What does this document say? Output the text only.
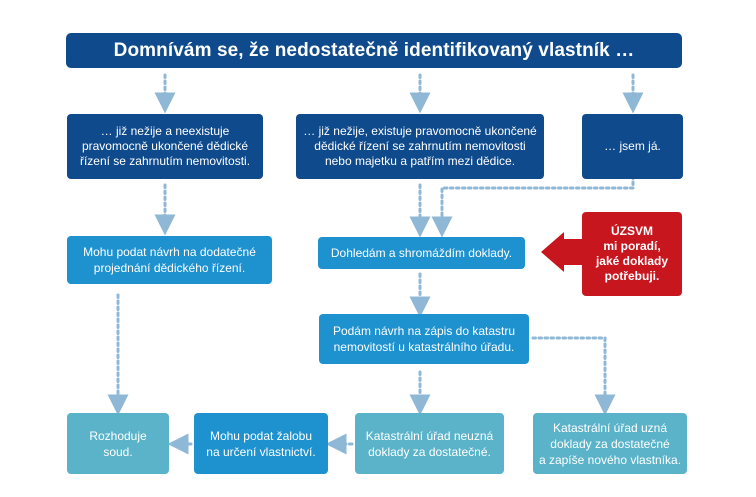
Domnívám se, že nedostatečně identifikovaný vlastník …
… již nežije a neexistuje
pravomocně ukončené dědické
řízení se zahrnutím nemovitosti.
… již nežije, existuje pravomocně ukončené
dědické řízení se zahrnutím nemovitosti
nebo majetku a patřím mezi dědice.
… jsem já.
Mohu podat návrh na dodatečné
projednání dědického řízení.
Dohledám a shromáždím doklady.
ÚZSVM
mi poradí,
jaké doklady
potřebuji.
Podám návrh na zápis do katastru
nemovitostí u katastrálního úřadu.
Rozhoduje
soud.
Mohu podat žalobu
na určení vlastnictví.
Katastrální úřad neuzná
doklady za dostatečné.
Katastrální úřad uzná
doklady za dostatečné
a zapíše nového vlastníka.
